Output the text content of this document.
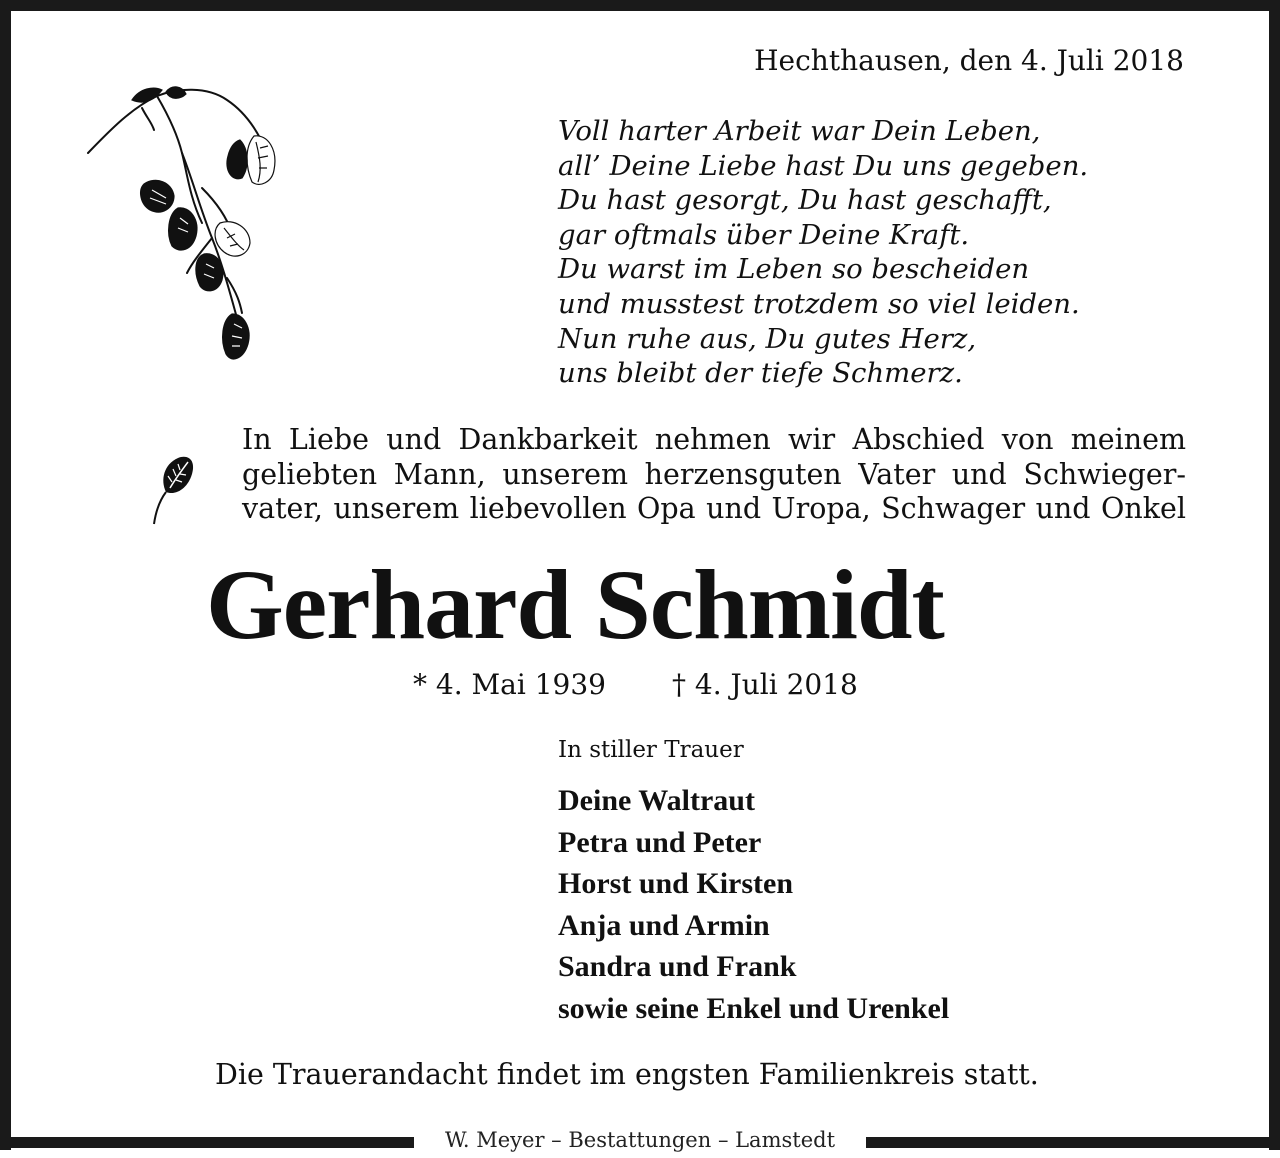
Hechthausen, den 4. Juli 2018
Voll harter Arbeit war Dein Leben,
all’ Deine Liebe hast Du uns gegeben.
Du hast gesorgt, Du hast geschafft,
gar oftmals über Deine Kraft.
Du warst im Leben so bescheiden
und musstest trotzdem so viel leiden.
Nun ruhe aus, Du gutes Herz,
uns bleibt der tiefe Schmerz.
In Liebe und Dankbarkeit nehmen wir Abschied von meinem
geliebten Mann, unserem herzensguten Vater und Schwieger-
vater, unserem liebevollen Opa und Uropa, Schwager und Onkel
Gerhard Schmidt
* 4. Mai 1939 † 4. Juli 2018
In stiller Trauer
Deine Waltraut
Petra und Peter
Horst und Kirsten
Anja und Armin
Sandra und Frank
sowie seine Enkel und Urenkel
Die Trauerandacht findet im engsten Familienkreis statt.
W. Meyer – Bestattungen – Lamstedt
